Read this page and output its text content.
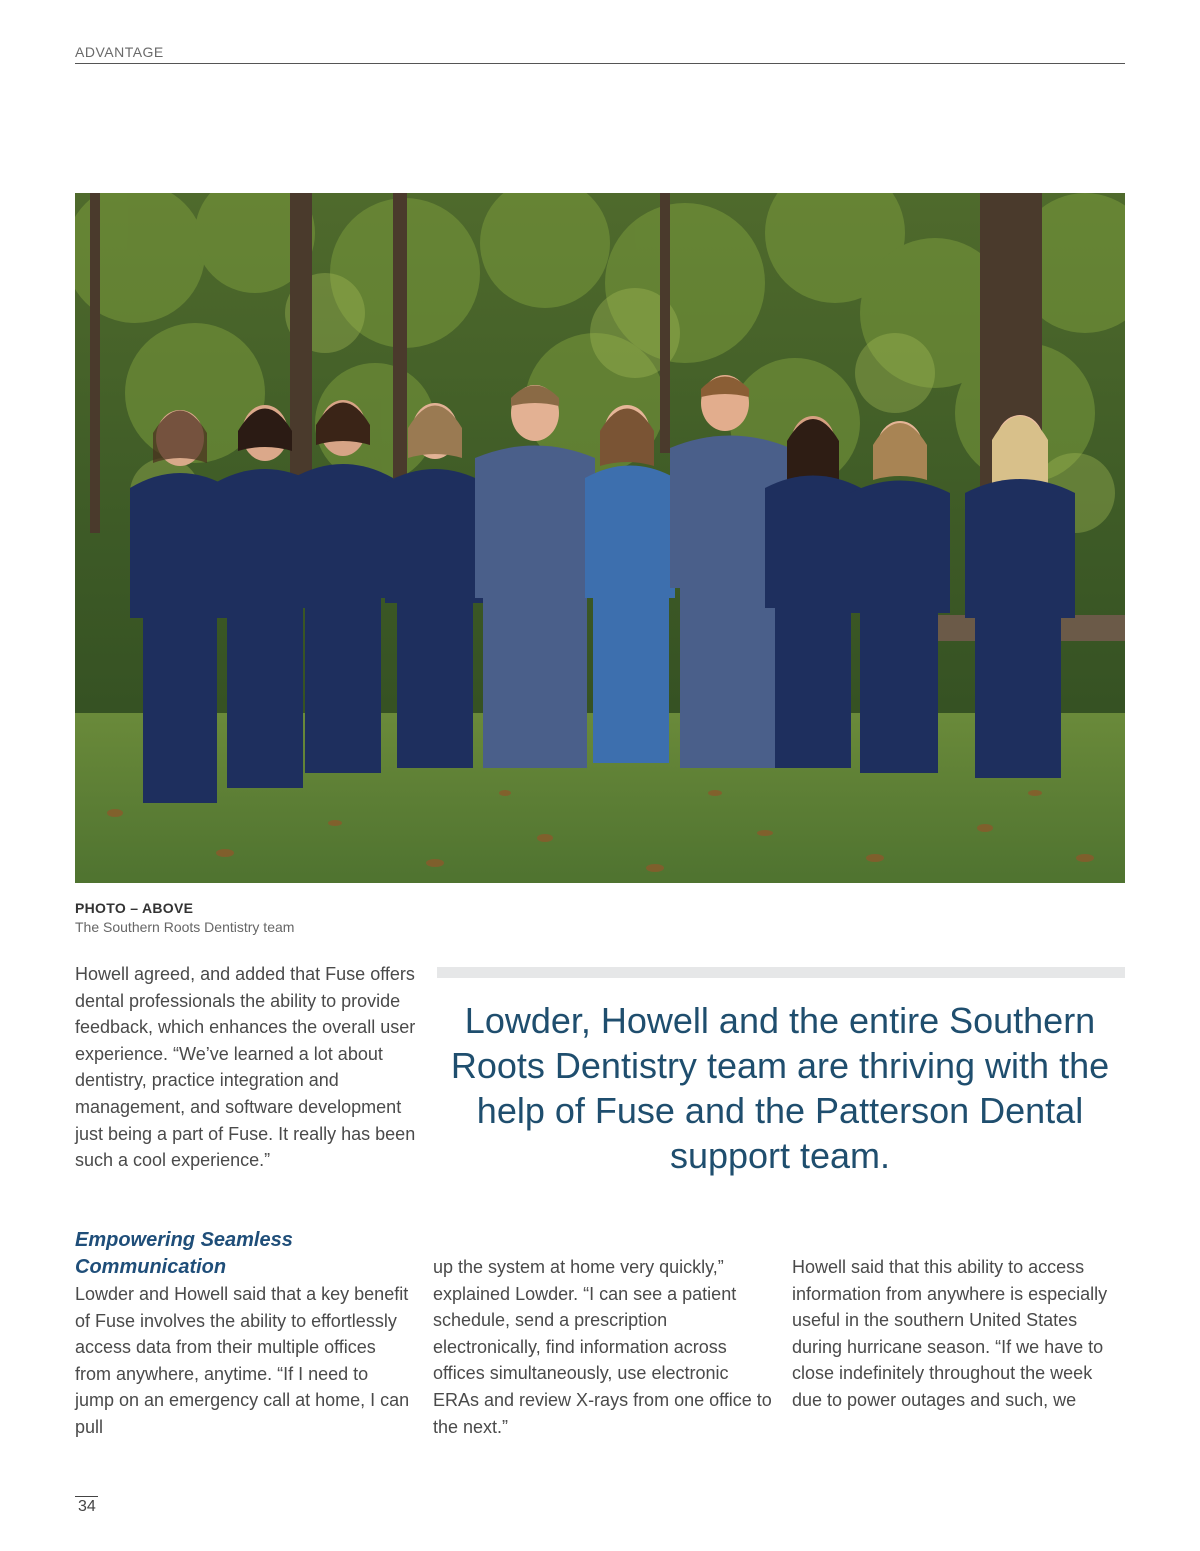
ADVANTAGE
PHOTO – ABOVE
The Southern Roots Dentistry team

Howell agreed, and added that Fuse offers dental professionals the ability to provide feedback, which enhances the overall user experience. “We’ve learned a lot about dentistry, practice integration and management, and software development just being a part of Fuse. It really has been such a cool experience.”

Lowder, Howell and the entire Southern Roots Dentistry team are thriving with the help of Fuse and the Patterson Dental support team.

Empowering Seamless Communication

Lowder and Howell said that a key benefit of Fuse involves the ability to effortlessly access data from their multiple offices from anywhere, anytime. “If I need to jump on an emergency call at home, I can pull

up the system at home very quickly,” explained Lowder. “I can see a patient schedule, send a prescription electronically, find information across offices simultaneously, use electronic ERAs and review X-rays from one office to the next.”

Howell said that this ability to access information from anywhere is especially useful in the southern United States during hurricane season. “If we have to close indefinitely throughout the week due to power outages and such, we

34
